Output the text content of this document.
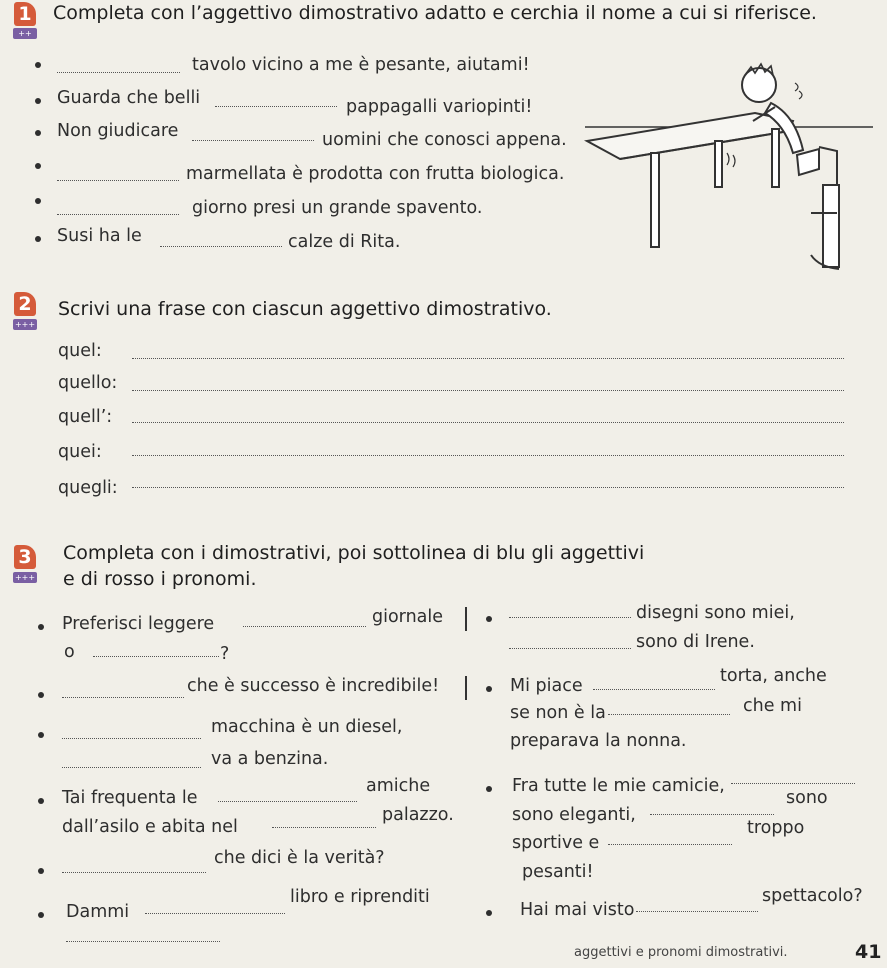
1
++
Completa con l’aggettivo dimostrativo adatto e cerchia il nome a cui si riferisce.
tavolo vicino a me è pesante, aiutami!
Guarda che belli	pappagalli variopinti!
Non giudicare	uomini che conosci appena.
marmellata è prodotta con frutta biologica.
giorno presi un grande spavento.
Susi ha le	calze di Rita.
2
+++
Scrivi una frase con ciascun aggettivo dimostrativo.
quel:
quello:
quell’:
quei:
quegli:
3
+++
Completa con i dimostrativi, poi sottolinea di blu gli aggettivi
e di rosso i pronomi.
Preferisci leggere	giornale
o	?
che è successo è incredibile!
macchina è un diesel,
va a benzina.
Tai frequenta le
amiche
dall’asilo e abita nel
palazzo.
che dici è la verità?
Dammi
libro e riprenditi
disegni sono miei,
sono di Irene.
Mi piace	torta, anche
se non è la	che mi
preparava la nonna.
Fra tutte le mie camicie,
sono eleganti,
sono
sportive e
troppo
pesanti!
Hai mai visto
spettacolo?
aggettivi e pronomi dimostrativi.	41
